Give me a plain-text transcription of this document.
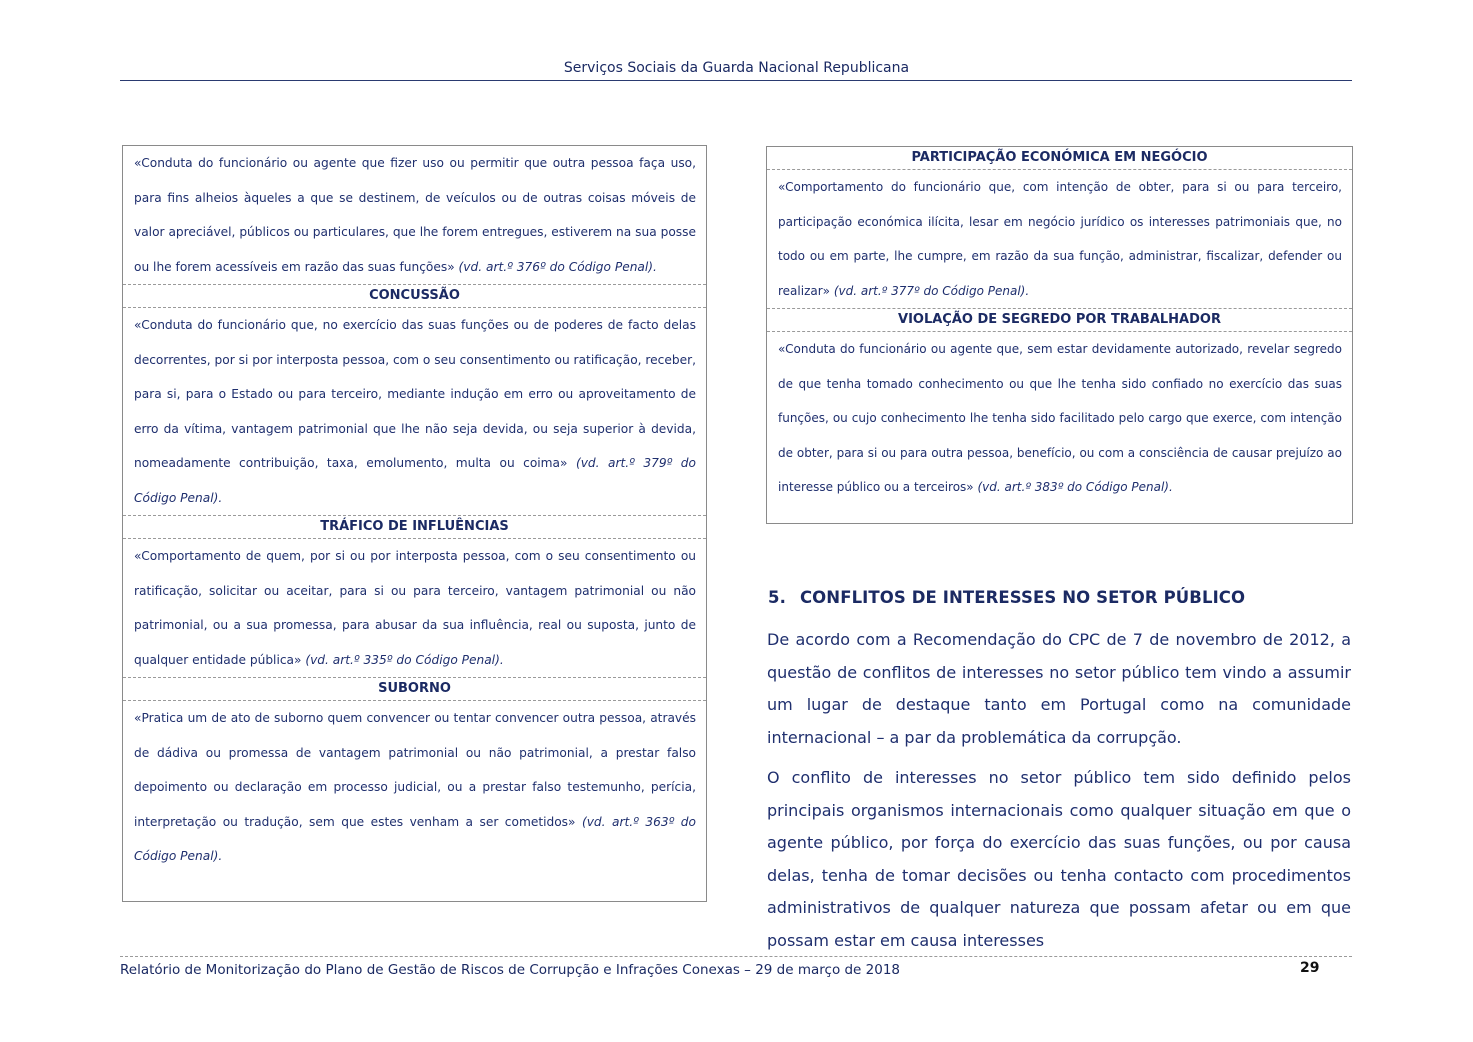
Serviços Sociais da Guarda Nacional Republicana
«Conduta do funcionário ou agente que fizer uso ou permitir que outra pessoa faça uso, para fins alheios àqueles a que se destinem, de veículos ou de outras coisas móveis de valor apreciável, públicos ou particulares, que lhe forem entregues, estiverem na sua posse ou lhe forem acessíveis em razão das suas funções» (vd. art.º 376º do Código Penal).
CONCUSSÃO
«Conduta do funcionário que, no exercício das suas funções ou de poderes de facto delas decorrentes, por si por interposta pessoa, com o seu consentimento ou ratificação, receber, para si, para o Estado ou para terceiro, mediante indução em erro ou aproveitamento de erro da vítima, vantagem patrimonial que lhe não seja devida, ou seja superior à devida, nomeadamente contribuição, taxa, emolumento, multa ou coima» (vd. art.º 379º do Código Penal).
TRÁFICO DE INFLUÊNCIAS
«Comportamento de quem, por si ou por interposta pessoa, com o seu consentimento ou ratificação, solicitar ou aceitar, para si ou para terceiro, vantagem patrimonial ou não patrimonial, ou a sua promessa, para abusar da sua influência, real ou suposta, junto de qualquer entidade pública» (vd. art.º 335º do Código Penal).
SUBORNO
«Pratica um de ato de suborno quem convencer ou tentar convencer outra pessoa, através de dádiva ou promessa de vantagem patrimonial ou não patrimonial, a prestar falso depoimento ou declaração em processo judicial, ou a prestar falso testemunho, perícia, interpretação ou tradução, sem que estes venham a ser cometidos» (vd. art.º 363º do Código Penal).
PARTICIPAÇÃO ECONÓMICA EM NEGÓCIO
«Comportamento do funcionário que, com intenção de obter, para si ou para terceiro, participação económica ilícita, lesar em negócio jurídico os interesses patrimoniais que, no todo ou em parte, lhe cumpre, em razão da sua função, administrar, fiscalizar, defender ou realizar» (vd. art.º 377º do Código Penal).
VIOLAÇÃO DE SEGREDO POR TRABALHADOR
«Conduta do funcionário ou agente que, sem estar devidamente autorizado, revelar segredo de que tenha tomado conhecimento ou que lhe tenha sido confiado no exercício das suas funções, ou cujo conhecimento lhe tenha sido facilitado pelo cargo que exerce, com intenção de obter, para si ou para outra pessoa, benefício, ou com a consciência de causar prejuízo ao interesse público ou a terceiros» (vd. art.º 383º do Código Penal).
5. CONFLITOS DE INTERESSES NO SETOR PÚBLICO
De acordo com a Recomendação do CPC de 7 de novembro de 2012, a questão de conflitos de interesses no setor público tem vindo a assumir um lugar de destaque tanto em Portugal como na comunidade internacional – a par da problemática da corrupção.
O conflito de interesses no setor público tem sido definido pelos principais organismos internacionais como qualquer situação em que o agente público, por força do exercício das suas funções, ou por causa delas, tenha de tomar decisões ou tenha contacto com procedimentos administrativos de qualquer natureza que possam afetar ou em que possam estar em causa interesses
Relatório de Monitorização do Plano de Gestão de Riscos de Corrupção e Infrações Conexas – 29 de março de 2018	29
